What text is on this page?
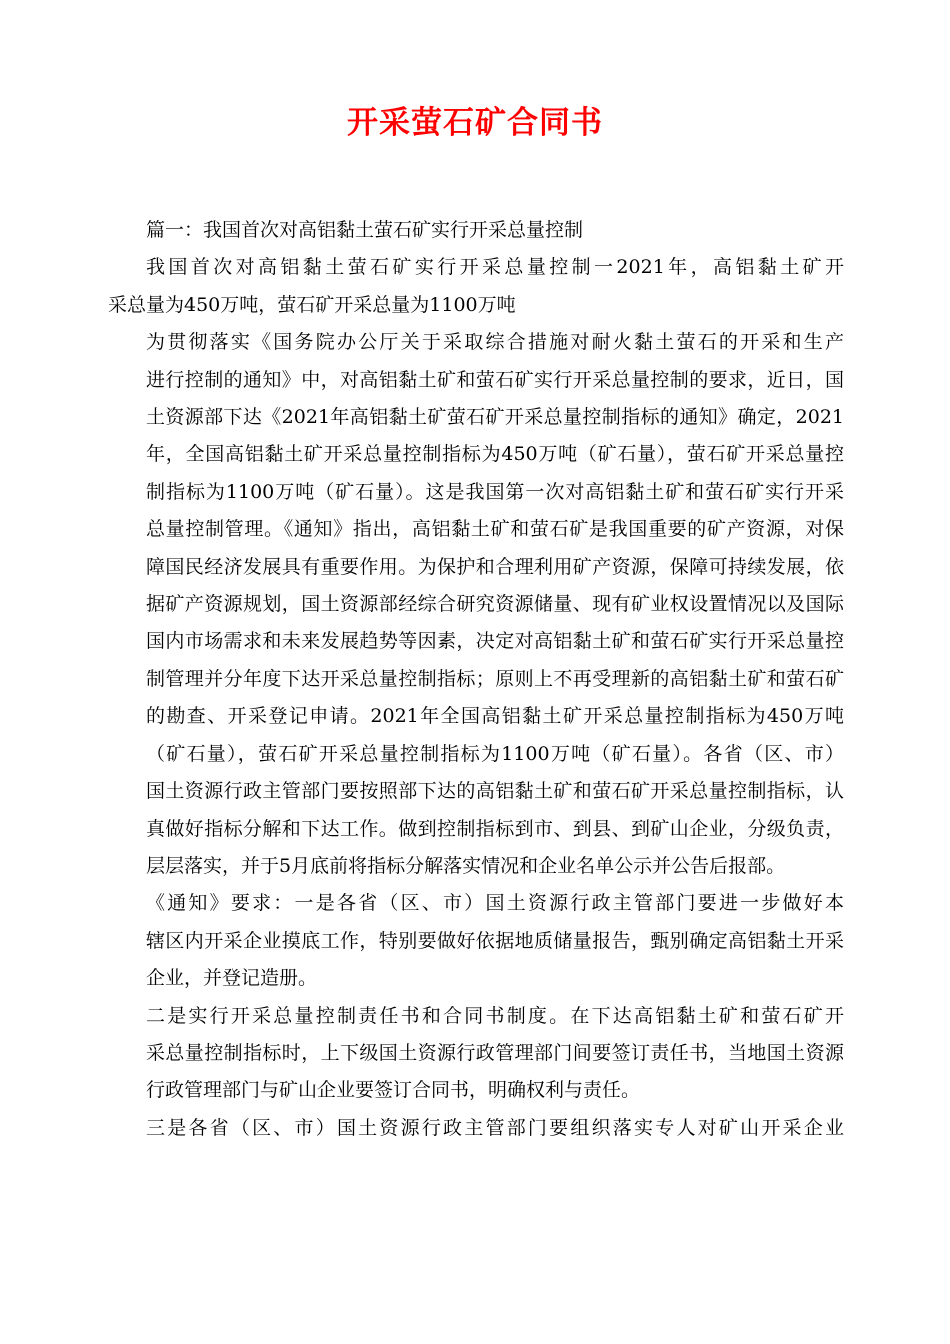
开采萤石矿合同书
篇一：我国首次对高铝黏土萤石矿实行开采总量控制
我国首次对高铝黏土萤石矿实行开采总量控制一2021年，高铝黏土矿开
采总量为450万吨，萤石矿开采总量为1100万吨
为贯彻落实《国务院办公厅关于采取综合措施对耐火黏土萤石的开采和生产
进行控制的通知》中，对高铝黏土矿和萤石矿实行开采总量控制的要求，近日，国
土资源部下达《2021年高铝黏土矿萤石矿开采总量控制指标的通知》确定，2021
年，全国高铝黏土矿开采总量控制指标为450万吨（矿石量），萤石矿开采总量控
制指标为1100万吨（矿石量）。这是我国第一次对高铝黏土矿和萤石矿实行开采
总量控制管理。《通知》指出，高铝黏土矿和萤石矿是我国重要的矿产资源，对保
障国民经济发展具有重要作用。为保护和合理利用矿产资源，保障可持续发展，依
据矿产资源规划，国土资源部经综合研究资源储量、现有矿业权设置情况以及国际
国内市场需求和未来发展趋势等因素，决定对高铝黏土矿和萤石矿实行开采总量控
制管理并分年度下达开采总量控制指标；原则上不再受理新的高铝黏土矿和萤石矿
的勘查、开采登记申请。2021年全国高铝黏土矿开采总量控制指标为450万吨
（矿石量），萤石矿开采总量控制指标为1100万吨（矿石量）。各省（区、市）
国土资源行政主管部门要按照部下达的高铝黏土矿和萤石矿开采总量控制指标，认
真做好指标分解和下达工作。做到控制指标到市、到县、到矿山企业，分级负责，
层层落实，并于5月底前将指标分解落实情况和企业名单公示并公告后报部。
《通知》要求：一是各省（区、市）国土资源行政主管部门要进一步做好本
辖区内开采企业摸底工作，特别要做好依据地质储量报告，甄别确定高铝黏土开采
企业，并登记造册。
二是实行开采总量控制责任书和合同书制度。在下达高铝黏土矿和萤石矿开
采总量控制指标时，上下级国土资源行政管理部门间要签订责任书，当地国土资源
行政管理部门与矿山企业要签订合同书，明确权利与责任。
三是各省（区、市）国土资源行政主管部门要组织落实专人对矿山开采企业
